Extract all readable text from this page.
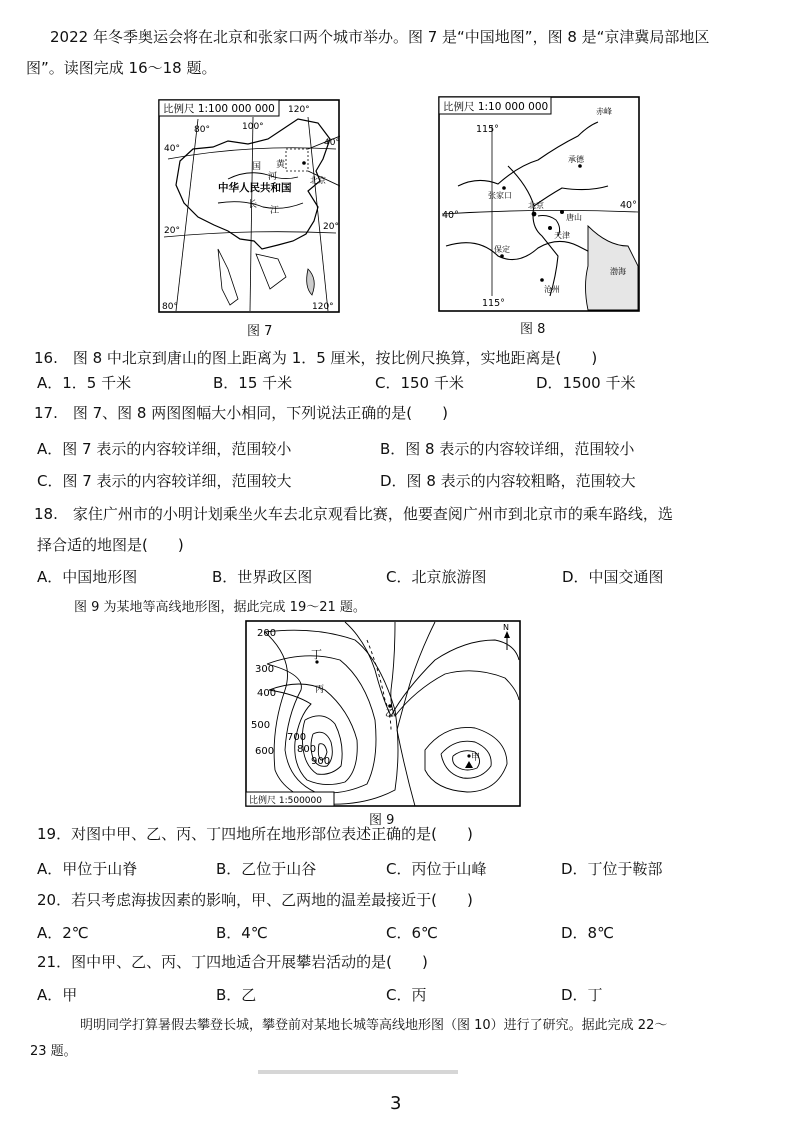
2022 年冬季奥运会将在北京和张家口两个城市举办。图 7 是“中国地图”，图 8 是“京津冀局部地区
图”。读图完成 16～18 题。
比例尺 1:100 000 000
80°	100°
120°
80°	120°
40°
20°	20°
40°
中华人民共和国
黄
河
长
江
国
北京
图 7
比例尺 1:10 000 000
115°
115°
40°
40°
赤峰
承德
张家口
北京
唐山
天津
保定
沧州
渤海
图 8
16.　图 8 中北京到唐山的图上距离为 1．5 厘米，按比例尺换算，实地距离是(　　)
A．1．5 千米	B．15 千米	C．150 千米	D．1500 千米
17.　图 7、图 8 两图图幅大小相同，下列说法正确的是(　　)
A．图 7 表示的内容较详细，范围较小	B．图 8 表示的内容较详细，范围较小
C．图 7 表示的内容较详细，范围较大	D．图 8 表示的内容较粗略，范围较大
18.　家住广州市的小明计划乘坐火车去北京观看比赛，他要查阅广州市到北京市的乘车路线，选
择合适的地图是(　　)
A．中国地形图	B．世界政区图	C．北京旅游图	D．中国交通图
图 9 为某地等高线地形图，据此完成 19～21 题。
N
200
300
400
500
600
700
800
900
丁
丙
乙
甲
比例尺 1:500000
图 9
19．对图中甲、乙、丙、丁四地所在地形部位表述正确的是(　　)
A．甲位于山脊	B．乙位于山谷	C．丙位于山峰	D．丁位于鞍部
20．若只考虑海拔因素的影响，甲、乙两地的温差最接近于(　　)
A．2℃	B．4℃	C．6℃	D．8℃
21．图中甲、乙、丙、丁四地适合开展攀岩活动的是(　　)
A．甲	B．乙	C．丙	D．丁
明明同学打算暑假去攀登长城，攀登前对某地长城等高线地形图（图 10）进行了研究。据此完成 22～
23 题。
3
